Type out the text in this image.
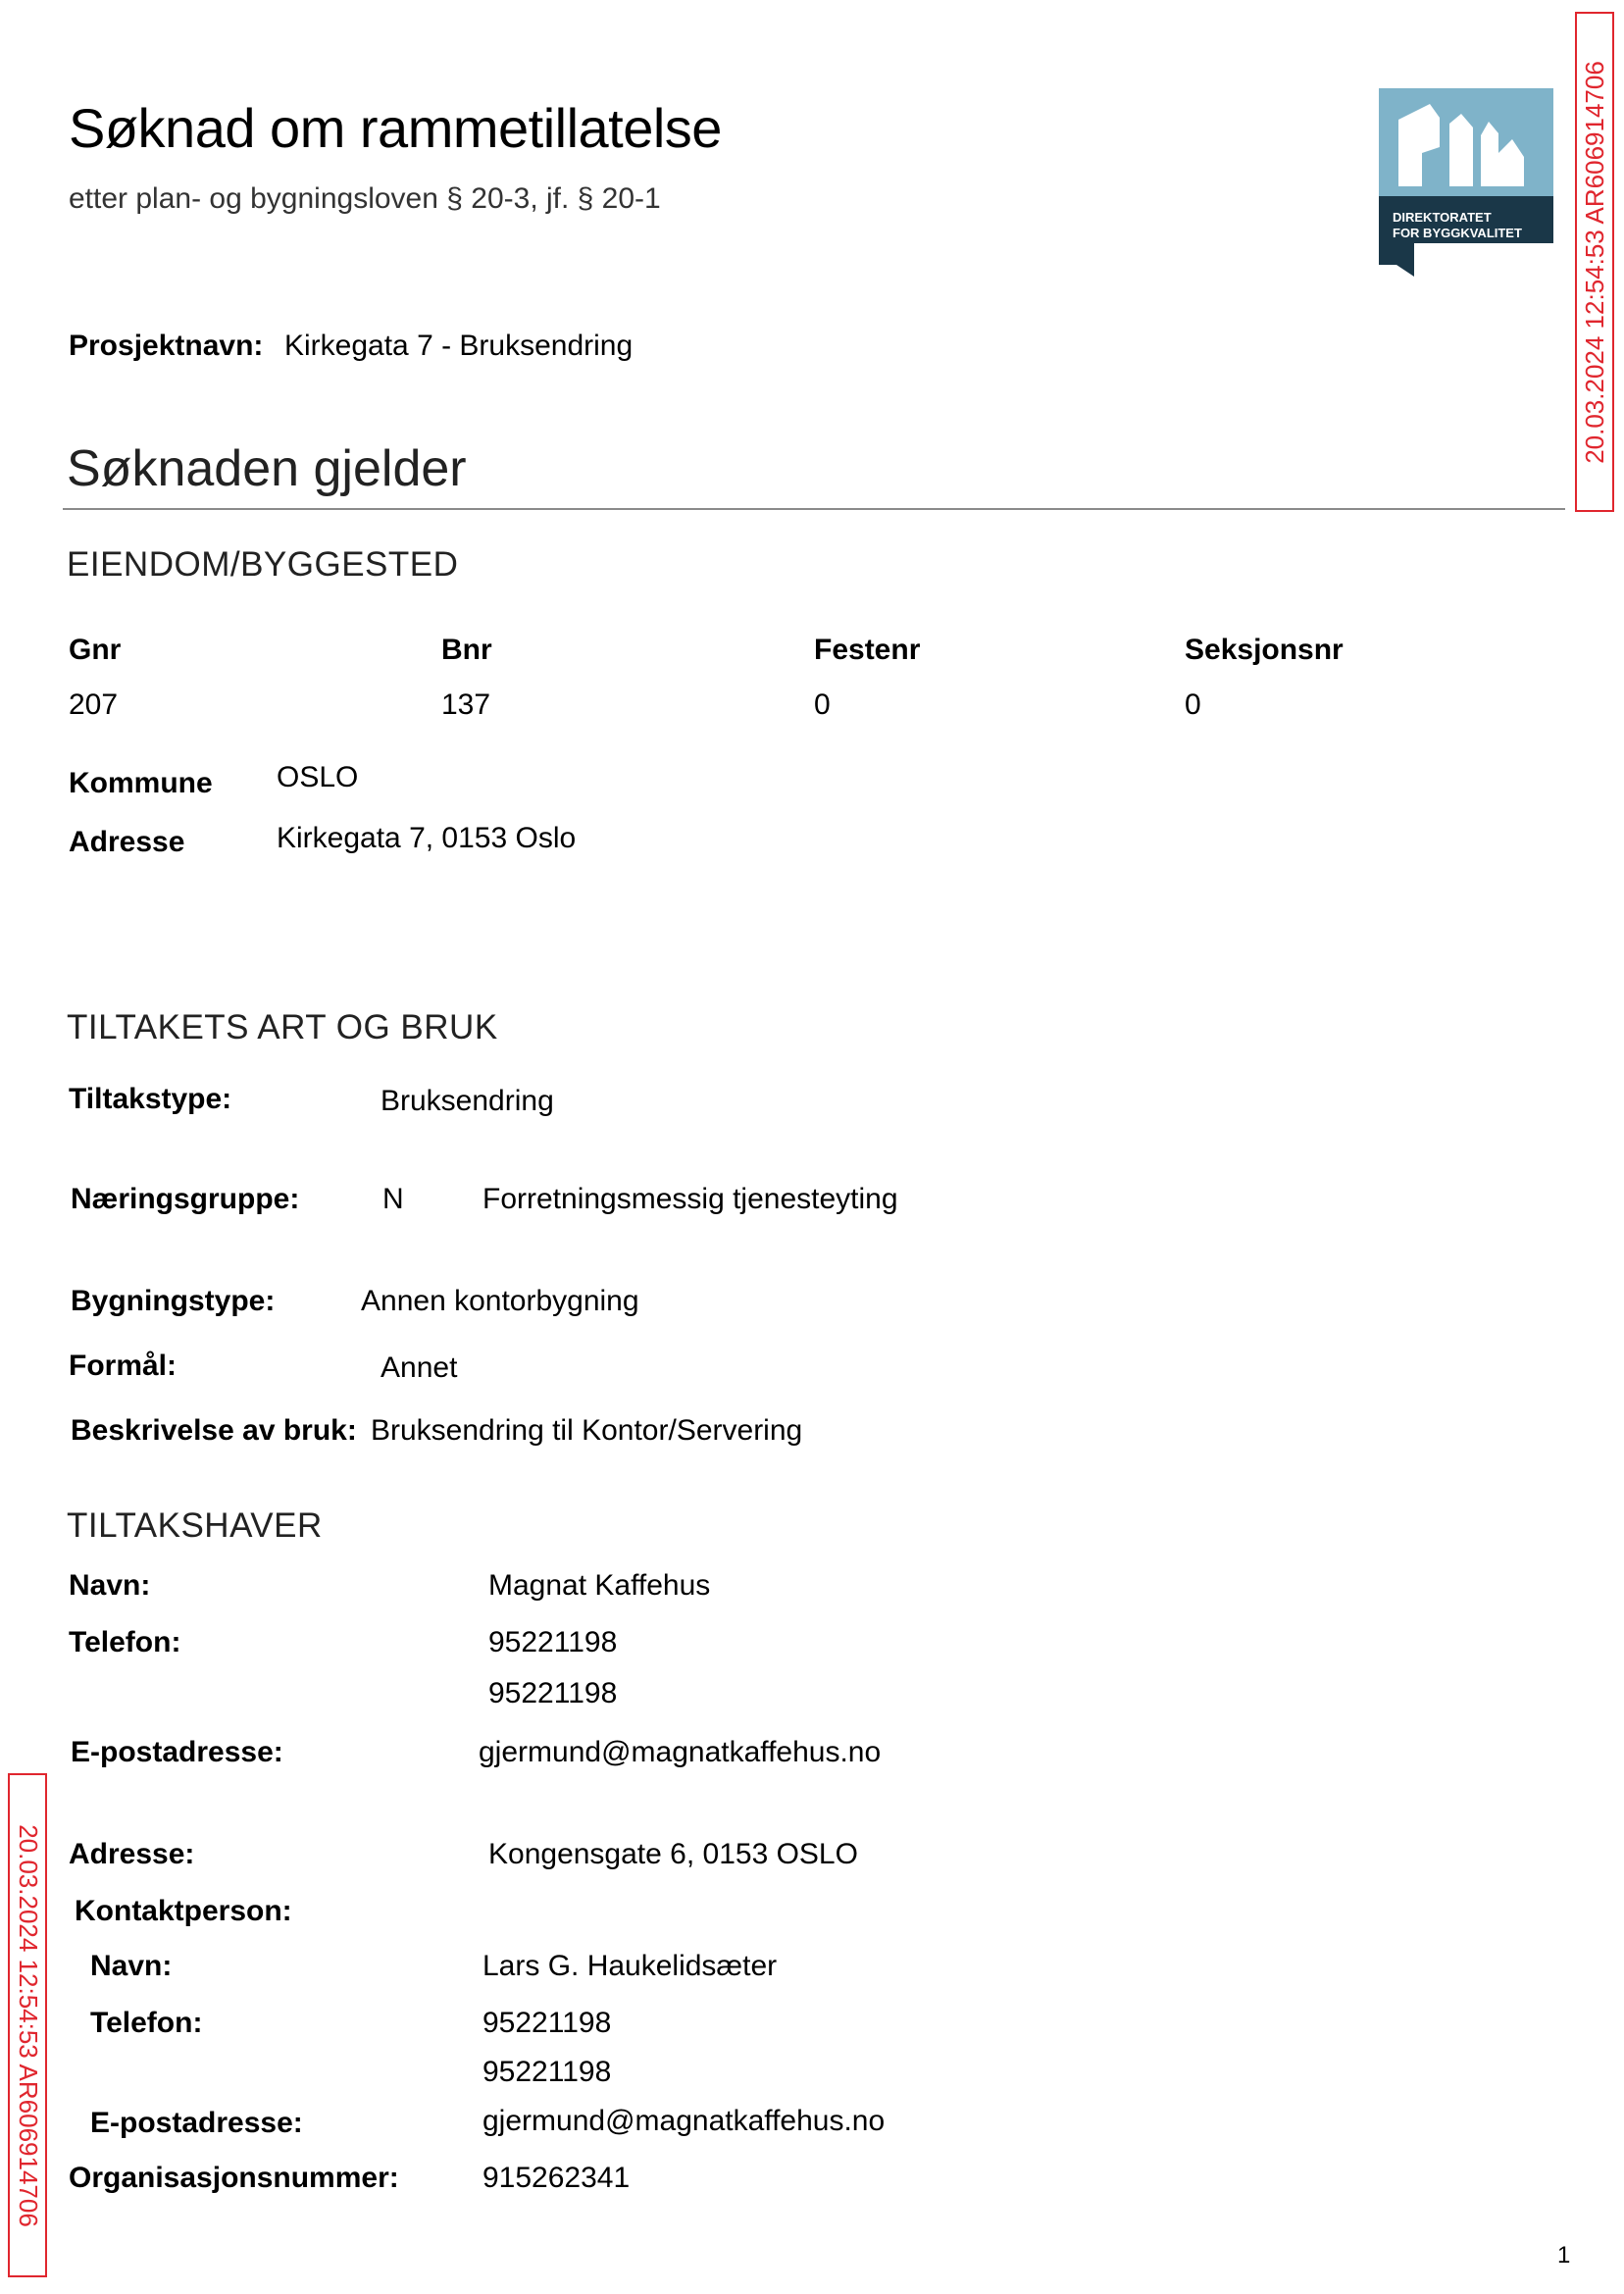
Søknad om rammetillatelse
etter plan- og bygningsloven § 20-3, jf. § 20-1
DIREKTORATET
FOR BYGGKVALITET
Prosjektnavn: Kirkegata 7 - Bruksendring
Søknaden gjelder
EIENDOM/BYGGESTED
Gnr	Bnr	Festenr	Seksjonsnr
207	137	0	0
Kommune OSLO
Adresse	Kirkegata 7, 0153 Oslo
TILTAKETS ART OG BRUK
Tiltakstype:	Bruksendring
Næringsgruppe:	N	Forretningsmessig tjenesteyting
Bygningstype:	Annen kontorbygning
Formål:	Annet
Beskrivelse av bruk: Bruksendring til Kontor/Servering
TILTAKSHAVER
Navn:	Magnat Kaffehus
Telefon:	95221198
95221198
E-postadresse:	gjermund@magnatkaffehus.no
Adresse:	Kongensgate 6, 0153 OSLO
Kontaktperson:
Navn:	Lars G. Haukelidsæter
Telefon:	95221198
95221198
E-postadresse:	gjermund@magnatkaffehus.no
Organisasjonsnummer:	915262341
20.03.2024 12:54:53 AR606914706
20.03.2024 12:54:53 AR606914706
1
